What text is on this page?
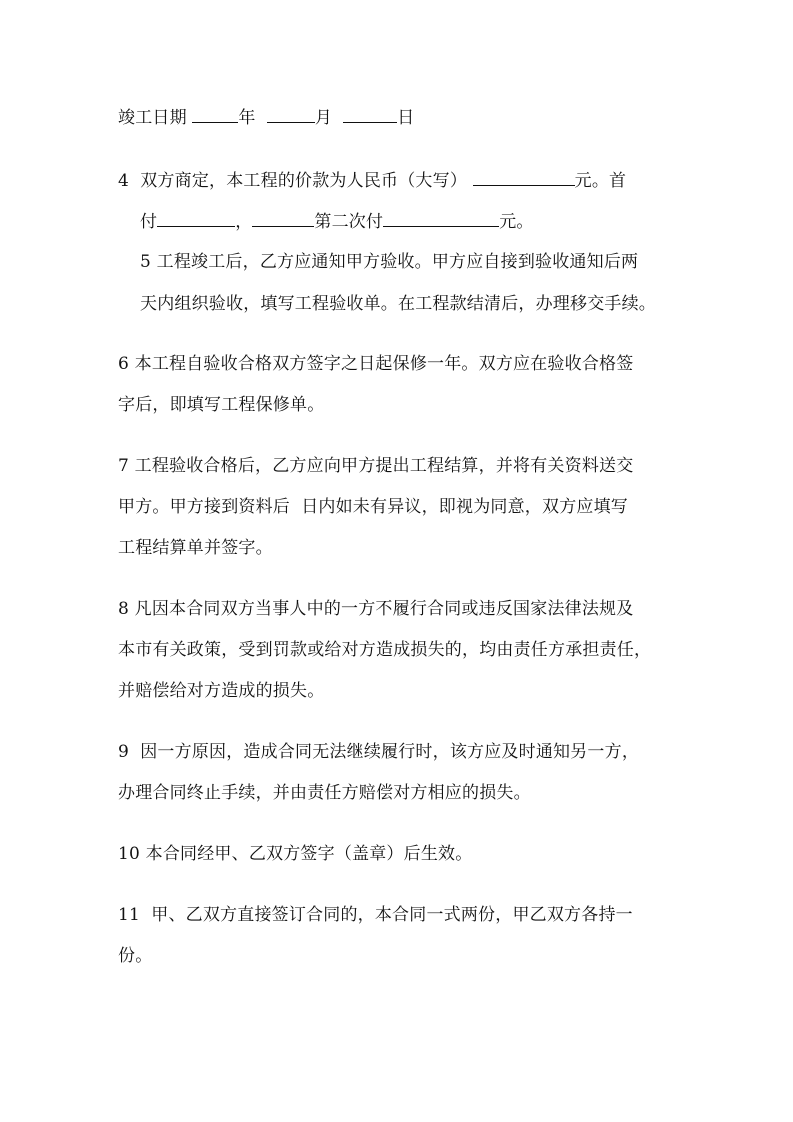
竣工日期	年	月	日
4  双方商定，本工程的价款为人民币（大写）	元。首
付	，	第二次付	元。
5 工程竣工后，乙方应通知甲方验收。甲方应自接到验收通知后两
天内组织验收，填写工程验收单。在工程款结清后，办理移交手续。
6 本工程自验收合格双方签字之日起保修一年。双方应在验收合格签
字后，即填写工程保修单。
7 工程验收合格后，乙方应向甲方提出工程结算，并将有关资料送交
甲方。甲方接到资料后  日内如未有异议，即视为同意，双方应填写
工程结算单并签字。
8 凡因本合同双方当事人中的一方不履行合同或违反国家法律法规及
本市有关政策，受到罚款或给对方造成损失的，均由责任方承担责任，
并赔偿给对方造成的损失。
9  因一方原因，造成合同无法继续履行时，该方应及时通知另一方，
办理合同终止手续，并由责任方赔偿对方相应的损失。
10 本合同经甲、乙双方签字（盖章）后生效。
11  甲、乙双方直接签订合同的，本合同一式两份，甲乙双方各持一
份。
